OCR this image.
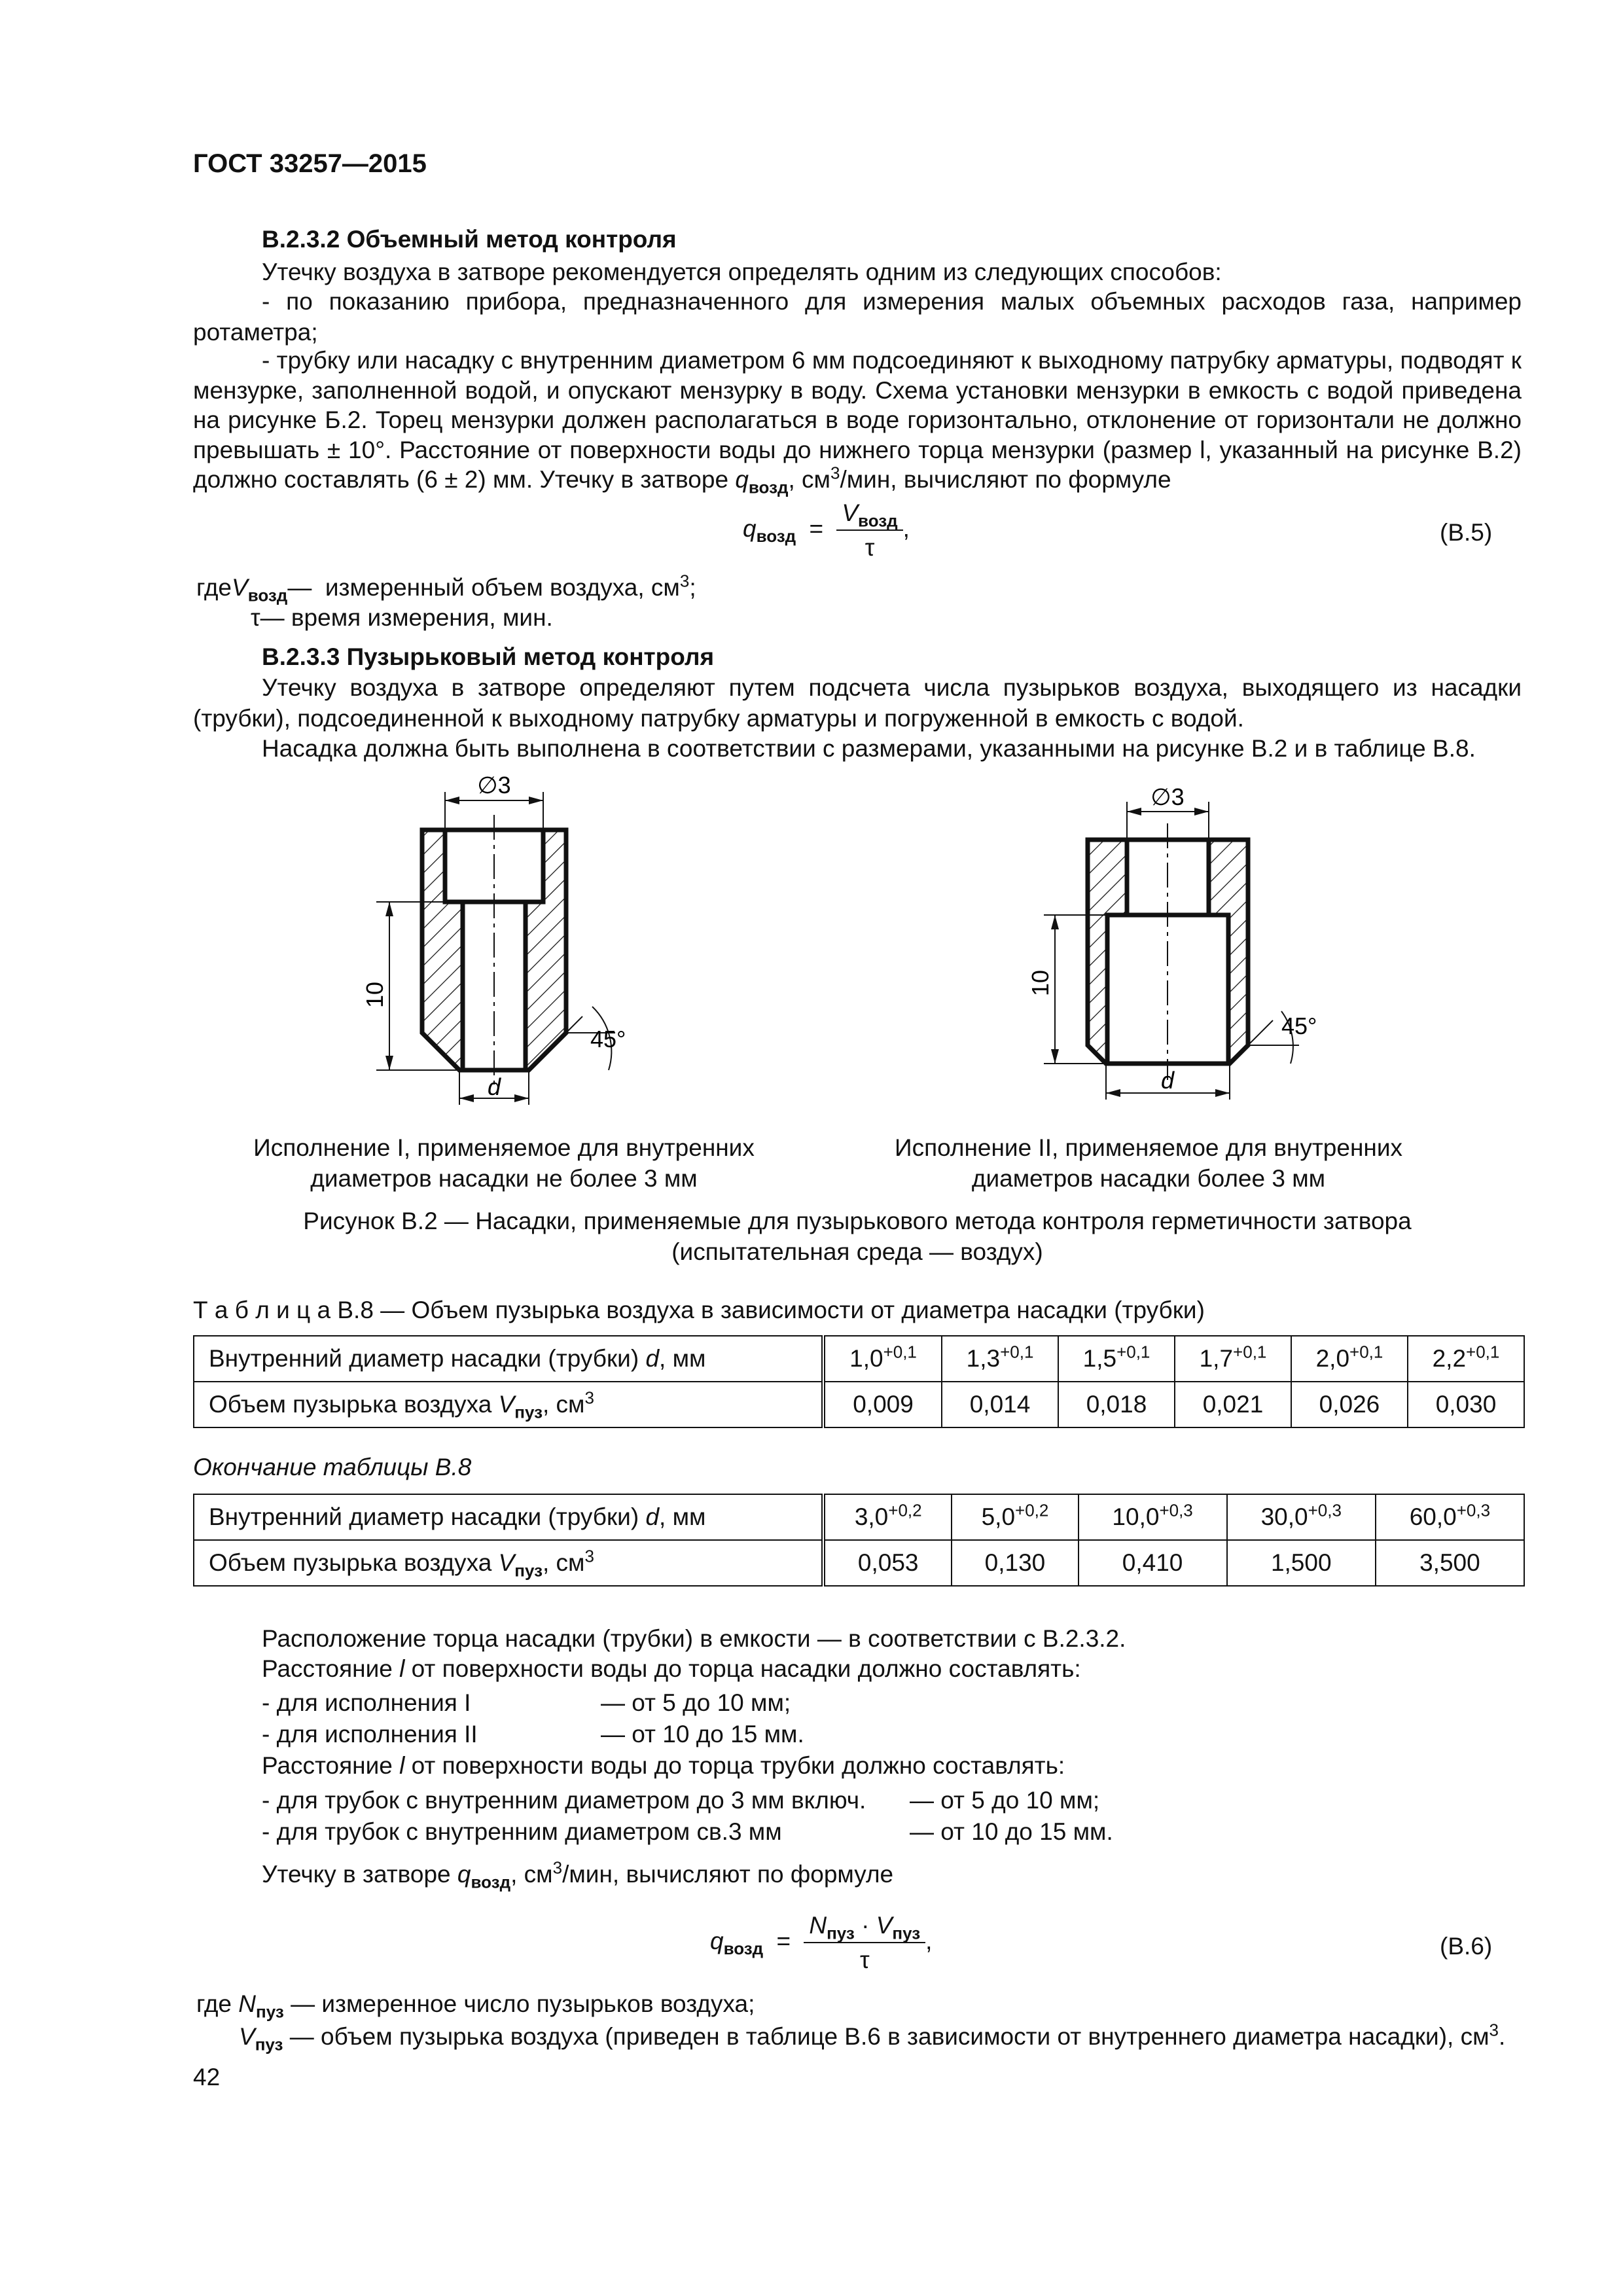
ГОСТ 33257—2015
В.2.3.2 Объемный метод контроля
Утечку воздуха в затворе рекомендуется определять одним из следующих способов:
- по показанию прибора, предназначенного для измерения малых объемных расходов газа, например ротаметра;
- трубку или насадку с внутренним диаметром 6 мм подсоединяют к выходному патрубку арматуры, подводят к мензурке, заполненной водой, и опускают мензурку в воду. Схема установки мензурки в емкость с водой приведена на рисунке Б.2. Торец мензурки должен располагаться в воде горизонтально, отклонение от горизонтали не должно превышать ± 10°. Расстояние от поверхности воды до нижнего торца мензурки (размер l, указанный на рисунке В.2) должно составлять (6 ± 2) мм. Утечку в затворе $q_{возд}$, $см^3$/мин, вычисляют по формуле
$q_{возд} = \frac{V_{возд}}{\tau}$ ,	(В.5)
гдеV$_{возд}$— измеренный объем воздуха, $см^3$;
τ— время измерения, мин.
В.2.3.3 Пузырьковый метод контроля
Утечку воздуха в затворе определяют путем подсчета числа пузырьков воздуха, выходящего из насадки (трубки), подсоединенной к выходному патрубку арматуры и погруженной в емкость с водой.
Насадка должна быть выполнена в соответствии с размерами, указанными на рисунке В.2 и в таблице В.8.
∅3
10
d
45°
∅3
10
d
45°
Исполнение I, применяемое для внутренних
диаметров насадки не более 3 мм
Исполнение II, применяемое для внутренних
диаметров насадки более 3 мм
Рисунок В.2 — Насадки, применяемые для пузырькового метода контроля герметичности затвора
(испытательная среда — воздух)
Т а б л и ц а В.8 — Объем пузырька воздуха в зависимости от диаметра насадки (трубки)
Внутренний диаметр насадки (трубки) d, мм	$1,0^{+0,1}$	$1,3^{+0,1}$	$1,5^{+0,1}$	$1,7^{+0,1}$	$2,0^{+0,1}$	$2,2^{+0,1}$
Объем пузырька воздуха $V_{пуз}$, $см^3$	0,009	0,014	0,018	0,021	0,026	0,030
Окончание таблицы В.8
Внутренний диаметр насадки (трубки) d, мм	$3,0^{+0,2}$	$5,0^{+0,2}$	$10,0^{+0,3}$	$30,0^{+0,3}$	$60,0^{+0,3}$
Объем пузырька воздуха $V_{пуз}$, $см^3$	0,053	0,130	0,410	1,500	3,500
Расположение торца насадки (трубки) в емкости — в соответствии с В.2.3.2.
Расстояние l от поверхности воды до торца насадки должно составлять:
- для исполнения I	— от 5 до 10 мм;
- для исполнения II	— от 10 до 15 мм.
Расстояние l от поверхности воды до торца трубки должно составлять:
- для трубок с внутренним диаметром до 3 мм включ. — от 5 до 10 мм;
- для трубок с внутренним диаметром св.3 мм	— от 10 до 15 мм.
Утечку в затворе $q_{возд}$, $см^3$/мин, вычисляют по формуле
$q_{возд} = \frac{N_{пуз} \cdot V_{пуз}}{\tau}$ ,	(В.6)
где $N_{пуз}$ — измеренное число пузырьков воздуха;
$V_{пуз}$ — объем пузырька воздуха (приведен в таблице В.6 в зависимости от внутреннего диаметра насадки), $см^3$.
42
